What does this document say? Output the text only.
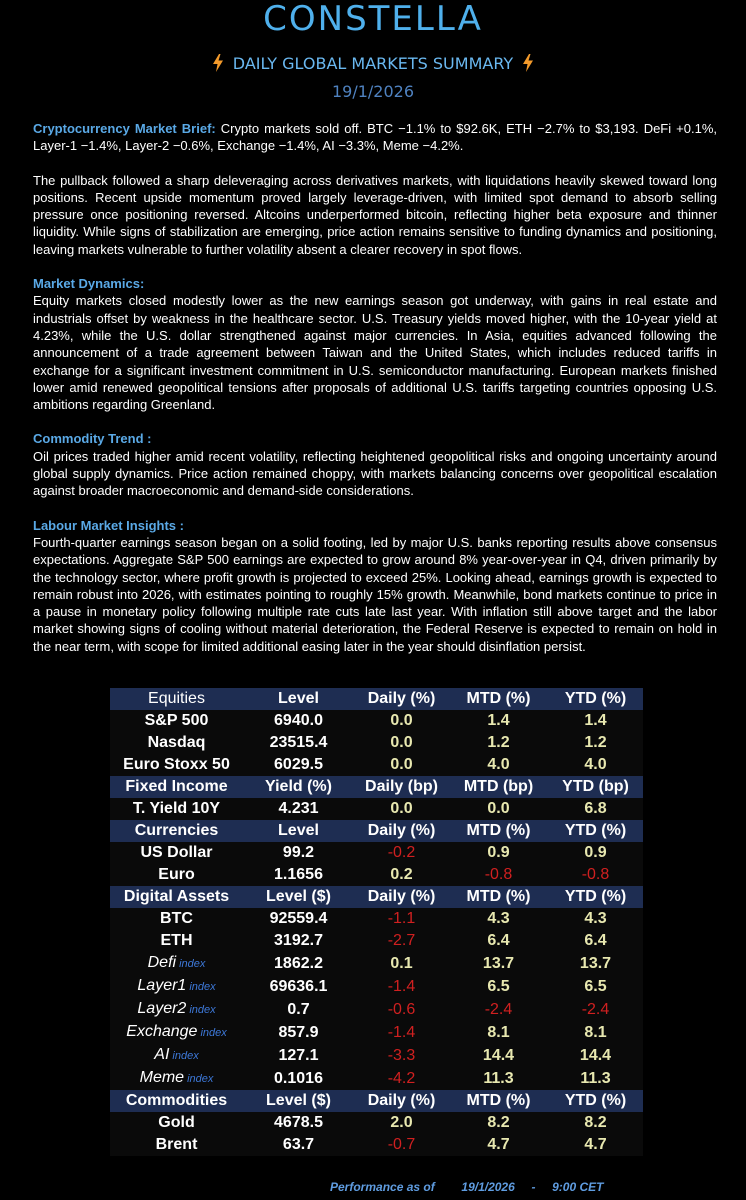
CONSTELLA
DAILY GLOBAL MARKETS SUMMARY
19/1/2026

Cryptocurrency Market Brief: Crypto markets sold off. BTC −1.1% to $92.6K, ETH −2.7% to $3,193. DeFi +0.1%, Layer-1 −1.4%, Layer-2 −0.6%, Exchange −1.4%, AI −3.3%, Meme −4.2%.

The pullback followed a sharp deleveraging across derivatives markets, with liquidations heavily skewed toward long positions. Recent upside momentum proved largely leverage-driven, with limited spot demand to absorb selling pressure once positioning reversed. Altcoins underperformed bitcoin, reflecting higher beta exposure and thinner liquidity. While signs of stabilization are emerging, price action remains sensitive to funding dynamics and positioning, leaving markets vulnerable to further volatility absent a clearer recovery in spot flows.

Market Dynamics:

Equity markets closed modestly lower as the new earnings season got underway, with gains in real estate and industrials offset by weakness in the healthcare sector. U.S. Treasury yields moved higher, with the 10-year yield at 4.23%, while the U.S. dollar strengthened against major currencies. In Asia, equities advanced following the announcement of a trade agreement between Taiwan and the United States, which includes reduced tariffs in exchange for a significant investment commitment in U.S. semiconductor manufacturing. European markets finished lower amid renewed geopolitical tensions after proposals of additional U.S. tariffs targeting countries opposing U.S. ambitions regarding Greenland.

Commodity Trend :

Oil prices traded higher amid recent volatility, reflecting heightened geopolitical risks and ongoing uncertainty around global supply dynamics. Price action remained choppy, with markets balancing concerns over geopolitical escalation against broader macroeconomic and demand-side considerations.

Labour Market Insights :

Fourth-quarter earnings season began on a solid footing, led by major U.S. banks reporting results above consensus expectations. Aggregate S&P 500 earnings are expected to grow around 8% year-over-year in Q4, driven primarily by the technology sector, where profit growth is projected to exceed 25%. Looking ahead, earnings growth is expected to remain robust into 2026, with estimates pointing to roughly 15% growth. Meanwhile, bond markets continue to price in a pause in monetary policy following multiple rate cuts late last year. With inflation still above target and the labor market showing signs of cooling without material deterioration, the Federal Reserve is expected to remain on hold in the near term, with scope for limited additional easing later in the year should disinflation persist.

Equities	Level	Daily (%)	MTD (%)	YTD (%)
S&P 500	6940.0	0.0	1.4	1.4
Nasdaq	23515.4	0.0	1.2	1.2
Euro Stoxx 50	6029.5	0.0	4.0	4.0
Fixed Income	Yield (%)	Daily (bp)	MTD (bp)	YTD (bp)
T. Yield 10Y	4.231	0.0	0.0	6.8
Currencies	Level	Daily (%)	MTD (%)	YTD (%)
US Dollar	99.2	-0.2	0.9	0.9
Euro	1.1656	0.2	-0.8	-0.8
Digital Assets	Level ($)	Daily (%)	MTD (%)	YTD (%)
BTC	92559.4	-1.1	4.3	4.3
ETH	3192.7	-2.7	6.4	6.4
Defi index	1862.2	0.1	13.7	13.7
Layer1 index	69636.1	-1.4	6.5	6.5
Layer2 index	0.7	-0.6	-2.4	-2.4
Exchange index	857.9	-1.4	8.1	8.1
AI index	127.1	-3.3	14.4	14.4
Meme index	0.1016	-4.2	11.3	11.3
Commodities	Level ($)	Daily (%)	MTD (%)	YTD (%)
Gold	4678.5	2.0	8.2	8.2
Brent	63.7	-0.7	4.7	4.7
Performance as of 19/1/2026 - 9:00 CET
